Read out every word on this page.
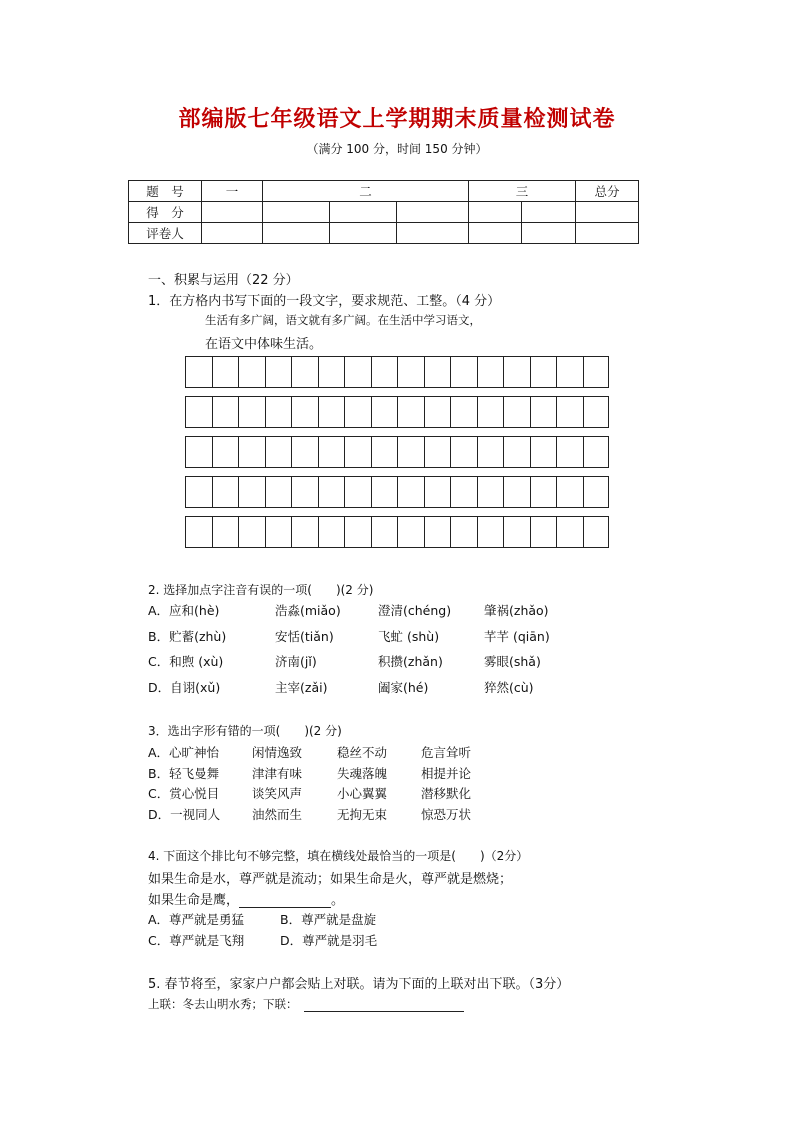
部编版七年级语文上学期期末质量检测试卷
（满分 100 分，时间 150 分钟）
题　号	一	二			三		总分
得　分							
评卷人							
一、积累与运用（22 分）
1．在方格内书写下面的一段文字，要求规范、工整。（4 分）
生活有多广阔，语文就有多广阔。在生活中学习语文，
在语文中体味生活。
2. 选择加点字注音有误的一项(　　)(2 分)
A．应和(hè)	浩淼(miǎo)	澄清(chéng)	肇祸(zhǎo)
B．贮蓄(zhù)	安恬(tiǎn)	飞虻 (shù)	芊芊 (qiān)
C．和煦 (xù)	济南(jǐ)	积攒(zhǎn)	雾眼(shǎ)
D．自诩(xǔ)	主宰(zǎi)	阖家(hé)	猝然(cù)
3．选出字形有错的一项(　　)(2 分)
A．心旷神怡	闲情逸致	稳丝不动	危言耸听
B．轻飞曼舞	津津有味	失魂落魄	相提并论
C．赏心悦目	谈笑风声	小心翼翼	潜移默化
D．一视同人	油然而生	无拘无束	惊恐万状
4. 下面这个排比句不够完整，填在横线处最恰当的一项是(　　)（2分）
如果生命是水，尊严就是流动；如果生命是火，尊严就是燃烧；
如果生命是鹰，	。
A．尊严就是勇猛	B．尊严就是盘旋
C．尊严就是飞翔	D．尊严就是羽毛
5. 春节将至，家家户户都会贴上对联。请为下面的上联对出下联。（3分）
上联：冬去山明水秀；下联：
